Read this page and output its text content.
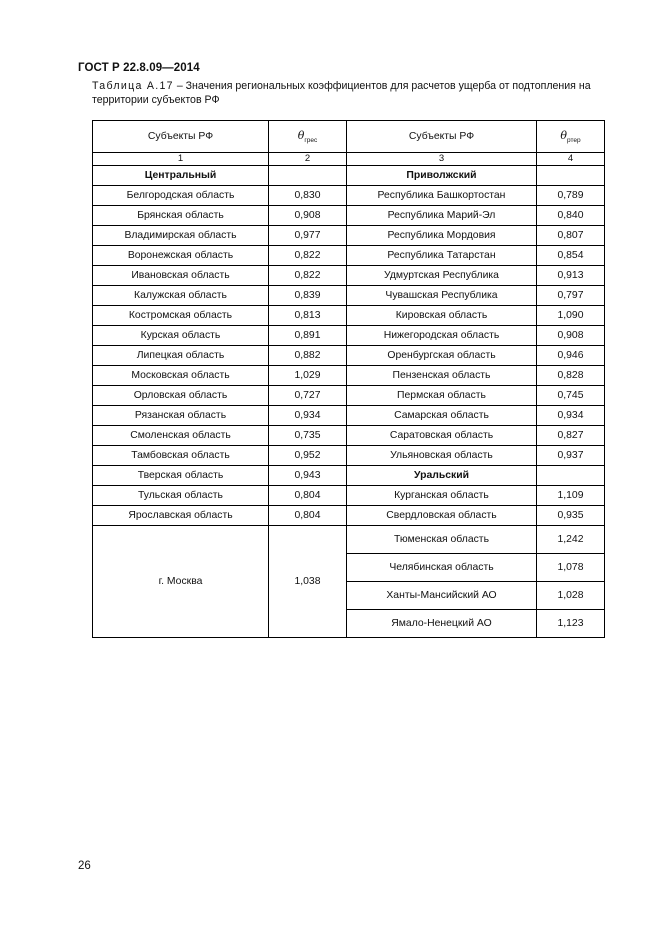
ГОСТ Р 22.8.09—2014
Таблица А.17 – Значения региональных коэффициентов для расчетов ущерба от подтопления на территории субъектов РФ
Субъекты РФ	$\theta_{грес}$	Субъекты РФ	$\theta_{ртер}$
1	2	3	4
Центральный		Приволжский	
Белгородская область	0,830	Республика Башкортостан	0,789
Брянская область	0,908	Республика Марий-Эл	0,840
Владимирская область	0,977	Республика Мордовия	0,807
Воронежская область	0,822	Республика Татарстан	0,854
Ивановская область	0,822	Удмуртская Республика	0,913
Калужская область	0,839	Чувашская Республика	0,797
Костромская область	0,813	Кировская область	1,090
Курская область	0,891	Нижегородская область	0,908
Липецкая область	0,882	Оренбургская область	0,946
Московская область	1,029	Пензенская область	0,828
Орловская область	0,727	Пермская область	0,745
Рязанская область	0,934	Самарская область	0,934
Смоленская область	0,735	Саратовская область	0,827
Тамбовская область	0,952	Ульяновская область	0,937
Тверская область	0,943	Уральский	
Тульская область	0,804	Курганская область	1,109
Ярославская область	0,804	Свердловская область	0,935
г. Москва	1,038	Тюменская область	1,242
		Челябинская область	1,078
		Ханты-Мансийский АО	1,028
		Ямало-Ненецкий АО	1,123
26
